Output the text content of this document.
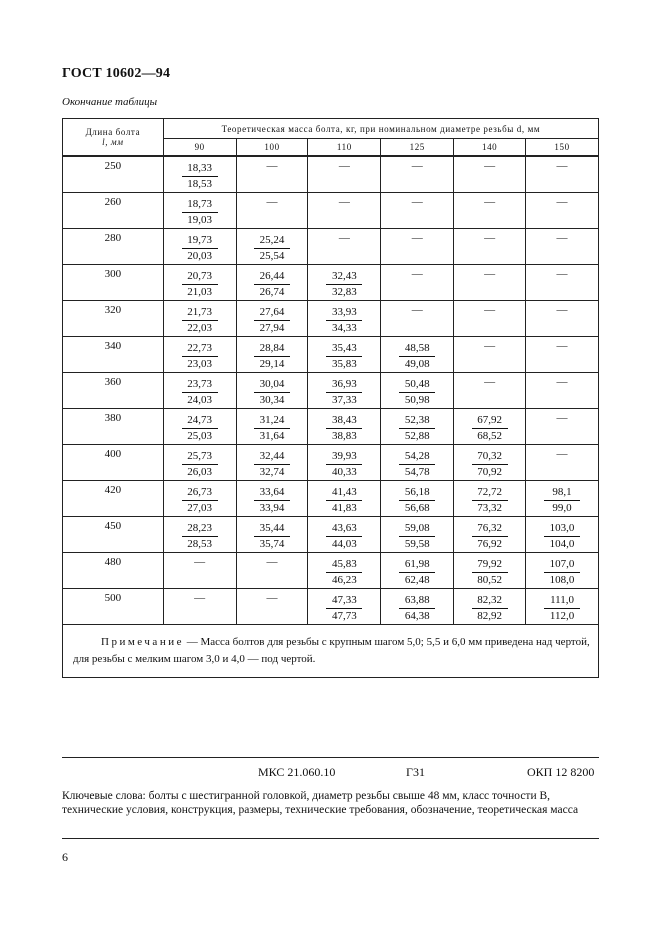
ГОСТ 10602—94
Окончание таблицы
Длина болта
l, мм	Теоретическая масса болта, кг, при номинальном диаметре резьбы d, мм					
	90	100	110	125	140	150

250	$\frac{18,33}{18,53}$	—	—	—	—	—

260	$\frac{18,73}{19,03}$	—	—	—	—	—

280	$\frac{19,73}{20,03}$	$\frac{25,24}{25,54}$	—	—	—	—

300	$\frac{20,73}{21,03}$	$\frac{26,44}{26,74}$	$\frac{32,43}{32,83}$	—	—	—

320	$\frac{21,73}{22,03}$	$\frac{27,64}{27,94}$	$\frac{33,93}{34,33}$	—	—	—

340	$\frac{22,73}{23,03}$	$\frac{28,84}{29,14}$	$\frac{35,43}{35,83}$	$\frac{48,58}{49,08}$	—	—

360	$\frac{23,73}{24,03}$	$\frac{30,04}{30,34}$	$\frac{36,93}{37,33}$	$\frac{50,48}{50,98}$	—	—

380	$\frac{24,73}{25,03}$	$\frac{31,24}{31,64}$	$\frac{38,43}{38,83}$	$\frac{52,38}{52,88}$	$\frac{67,92}{68,52}$	—

400	$\frac{25,73}{26,03}$	$\frac{32,44}{32,74}$	$\frac{39,93}{40,33}$	$\frac{54,28}{54,78}$	$\frac{70,32}{70,92}$	—

420	$\frac{26,73}{27,03}$	$\frac{33,64}{33,94}$	$\frac{41,43}{41,83}$	$\frac{56,18}{56,68}$	$\frac{72,72}{73,32}$	$\frac{98,1}{99,0}$

450	$\frac{28,23}{28,53}$	$\frac{35,44}{35,74}$	$\frac{43,63}{44,03}$	$\frac{59,08}{59,58}$	$\frac{76,32}{76,92}$	$\frac{103,0}{104,0}$

480	—	—	$\frac{45,83}{46,23}$	$\frac{61,98}{62,48}$	$\frac{79,92}{80,52}$	$\frac{107,0}{108,0}$

500	—	—	$\frac{47,33}{47,73}$	$\frac{63,88}{64,38}$	$\frac{82,32}{82,92}$	$\frac{111,0}{112,0}$

Примечание — Масса болтов для резьбы с крупным шагом 5,0; 5,5 и 6,0 мм приведена над чертой, для резьбы с мелким шагом 3,0 и 4,0 — под чертой.						
МКС 21.060.10	Г31	ОКП 12 8200
Ключевые слова: болты с шестигранной головкой, диаметр резьбы свыше 48 мм, класс точности В, технические условия, конструкция, размеры, технические требования, обозначение, теоретическая масса
6
